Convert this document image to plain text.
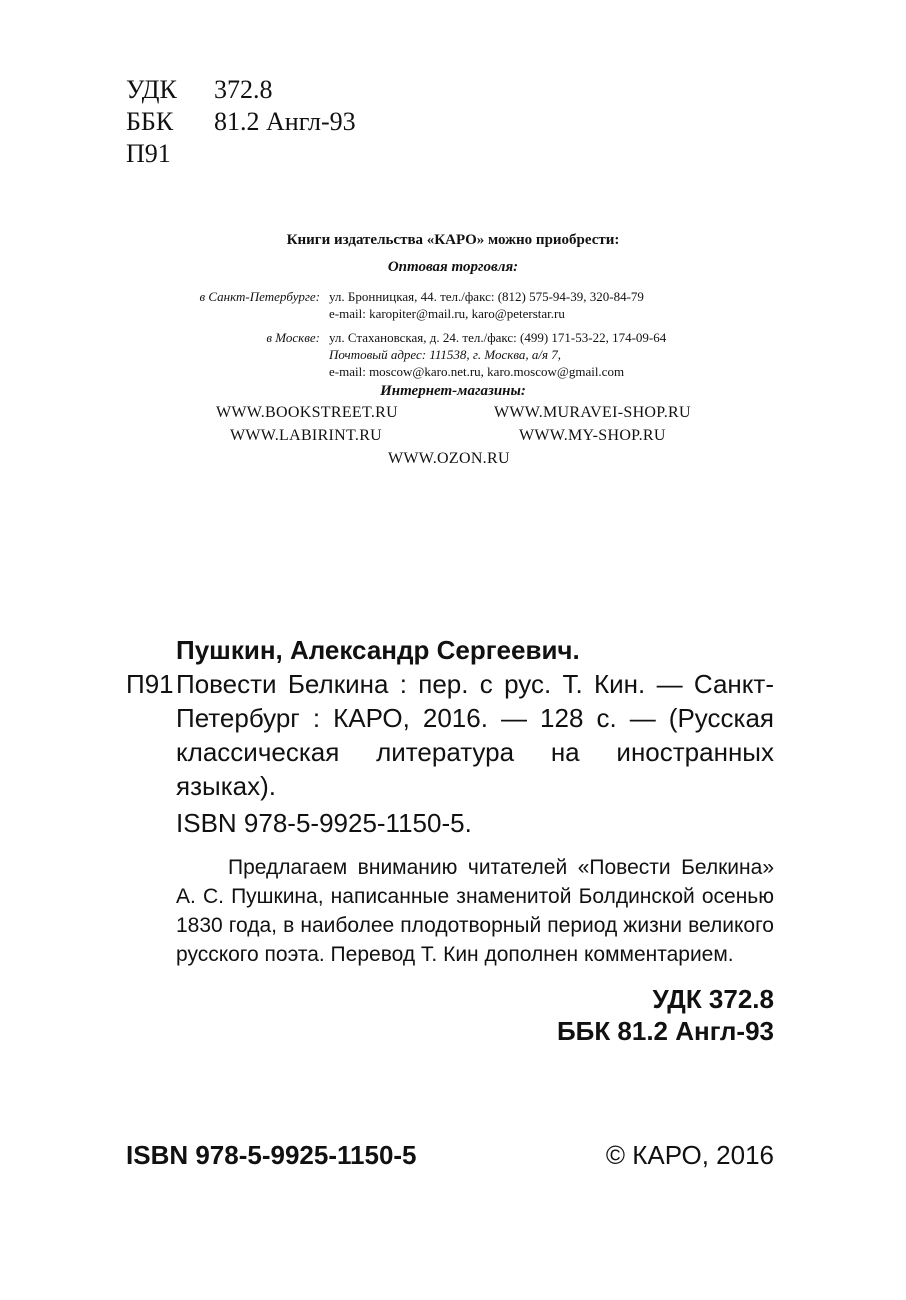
УДК	372.8
ББК	81.2 Англ-93
П91
Книги издательства «КАРО» можно приобрести:
Оптовая торговля:
в Санкт-Петербурге: ул. Бронницкая, 44. тел./факс: (812) 575-94-39, 320-84-79
e-mail: karopiter@mail.ru, karo@peterstar.ru
в Москве: ул. Стахановская, д. 24. тел./факс: (499) 171-53-22, 174-09-64
Почтовый адрес: 111538, г. Москва, а/я 7,
e-mail: moscow@karo.net.ru, karo.moscow@gmail.com
Интернет-магазины:
WWW.BOOKSTREET.RU	WWW.MURAVEI-SHOP.RU
WWW.LABIRINT.RU	WWW.MY-SHOP.RU
WWW.OZON.RU
Пушкин, Александр Сергеевич.
П91 Повести Белкина : пер. с рус. Т. Кин. — Санкт-Петербург : КАРО, 2016. — 128 с. — (Русская классическая литература на иностранных языках).
ISBN 978-5-9925-1150-5.
Предлагаем вниманию читателей «Повести Белкина» А. С. Пушкина, написанные знаменитой Болдинской осенью 1830 года, в наиболее плодотворный период жизни великого русского поэта. Перевод Т. Кин дополнен комментарием.
УДК 372.8
ББК 81.2 Англ-93
ISBN 978-5-9925-1150-5	© КАРО, 2016
